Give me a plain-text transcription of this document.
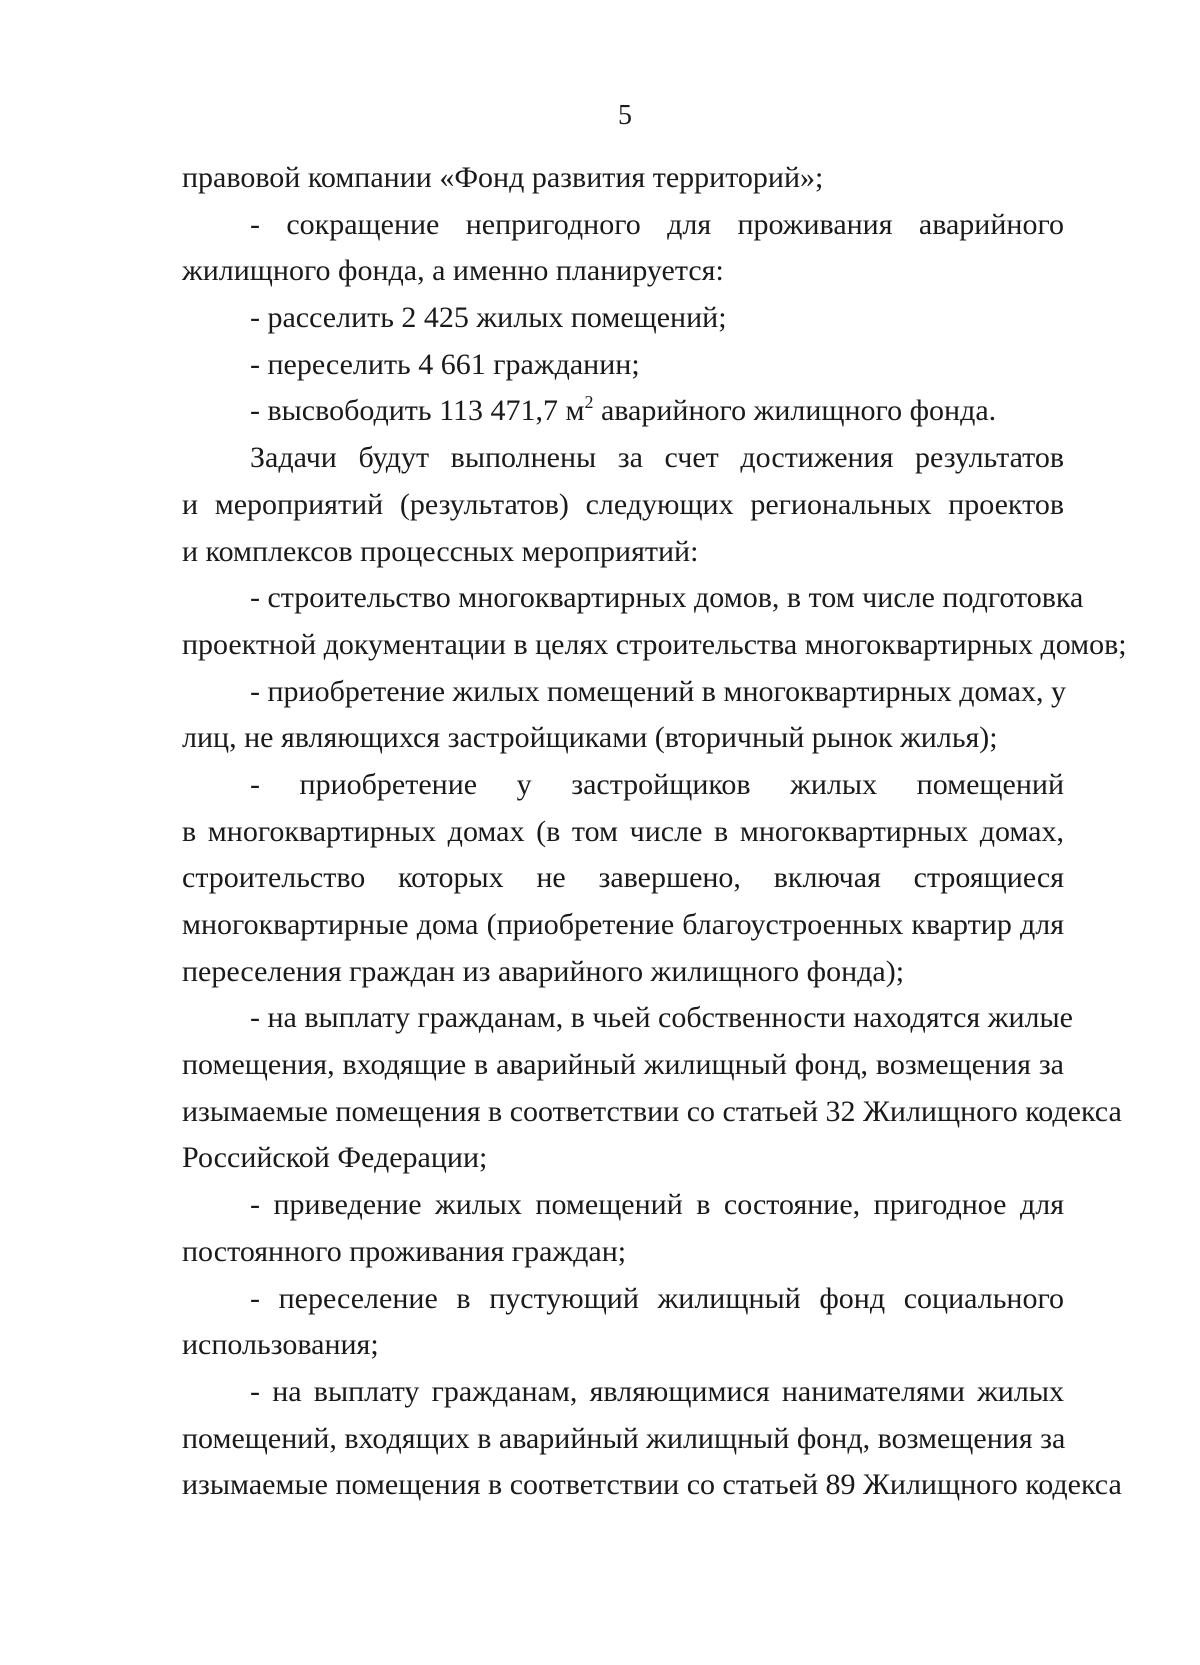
5
правовой компании «Фонд развития территорий»;
- сокращение непригодного для проживания аварийного
жилищного фонда, а именно планируется:
- расселить 2 425 жилых помещений;
- переселить 4 661 гражданин;
- высвободить 113 471,7 $м^2$ аварийного жилищного фонда.
Задачи будут выполнены за счет достижения результатов
и мероприятий (результатов) следующих региональных проектов
и комплексов процессных мероприятий:
- строительство многоквартирных домов, в том числе подготовка
проектной документации в целях строительства многоквартирных домов;
- приобретение жилых помещений в многоквартирных домах, у
лиц, не являющихся застройщиками (вторичный рынок жилья);
- приобретение у застройщиков жилых помещений
в многоквартирных домах (в том числе в многоквартирных домах,
строительство которых не завершено, включая строящиеся
многоквартирные дома (приобретение благоустроенных квартир для
переселения граждан из аварийного жилищного фонда);
- на выплату гражданам, в чьей собственности находятся жилые
помещения, входящие в аварийный жилищный фонд, возмещения за
изымаемые помещения в соответствии со статьей 32 Жилищного кодекса
Российской Федерации;
- приведение жилых помещений в состояние, пригодное для
постоянного проживания граждан;
- переселение в пустующий жилищный фонд социального
использования;
- на выплату гражданам, являющимися нанимателями жилых
помещений, входящих в аварийный жилищный фонд, возмещения за
изымаемые помещения в соответствии со статьей 89 Жилищного кодекса
